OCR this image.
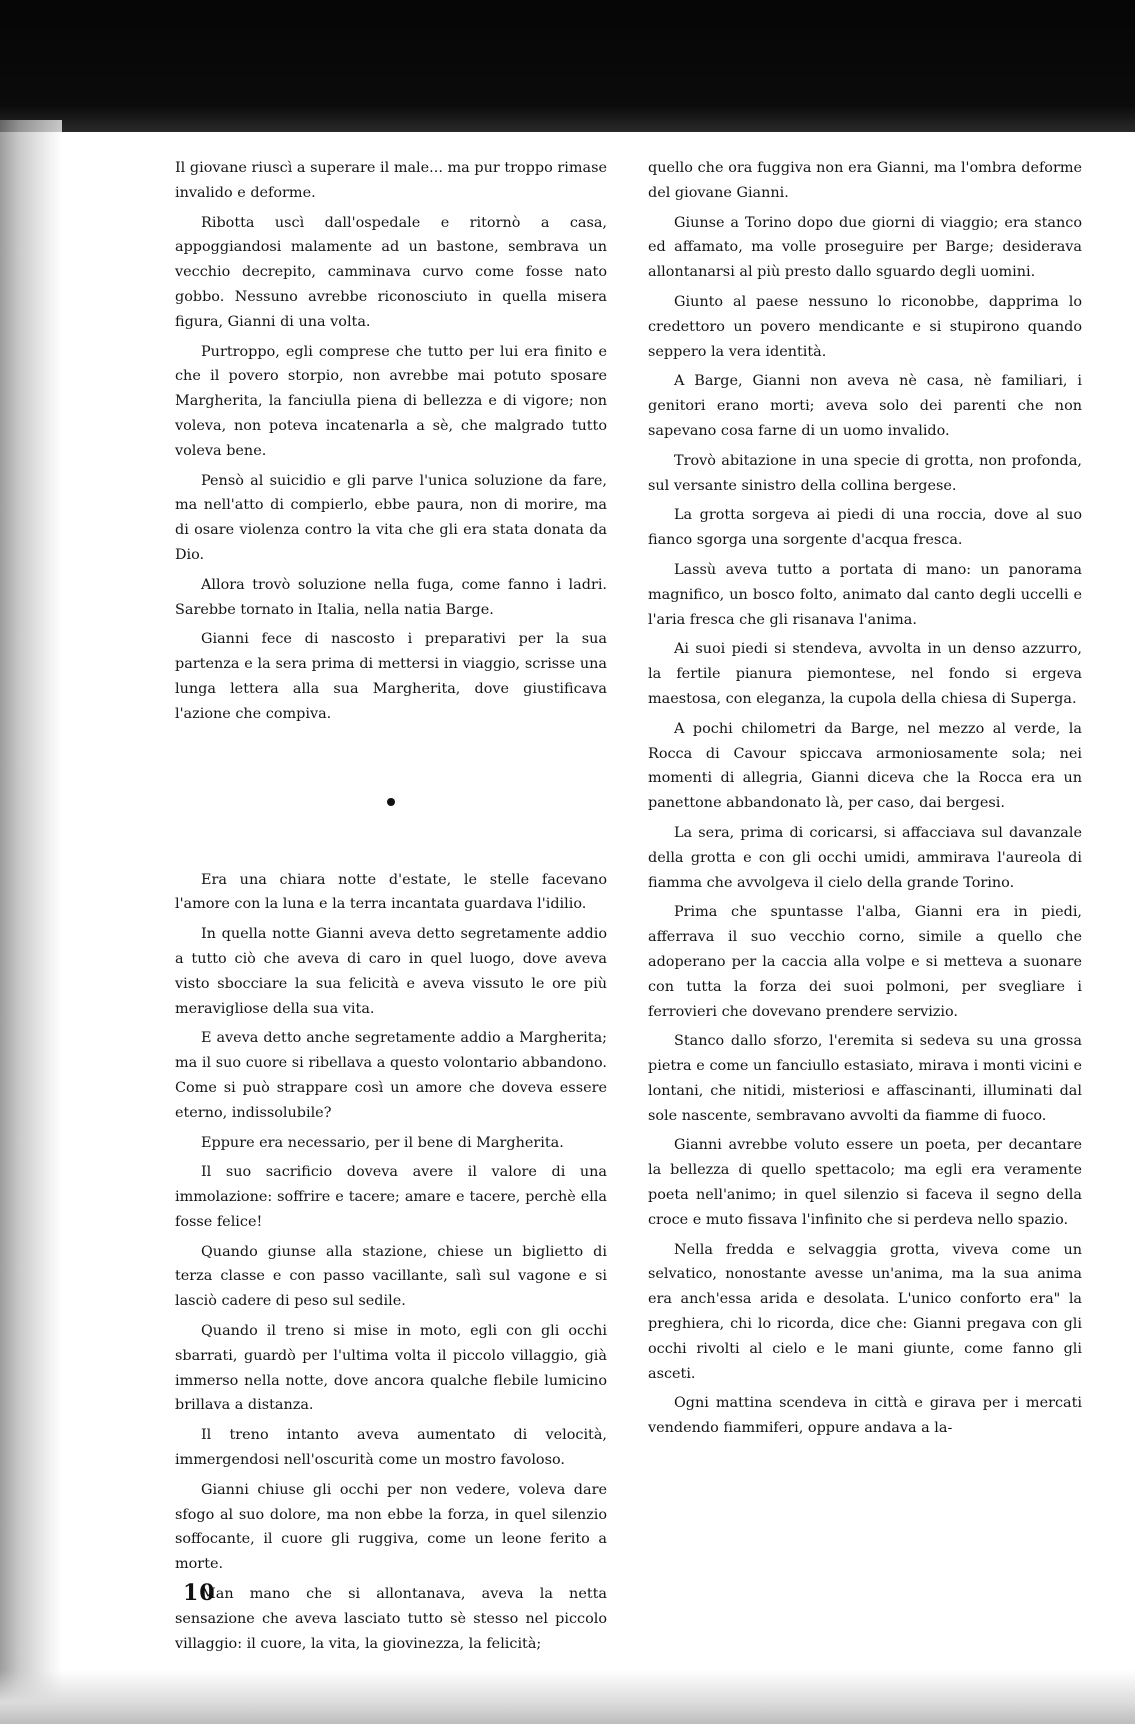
Il giovane riuscì a superare il male... ma pur troppo rimase invalido e deforme.

Ribotta uscì dall'ospedale e ritornò a casa, appoggiandosi malamente ad un bastone, sembrava un vecchio decrepito, camminava curvo come fosse nato gobbo. Nessuno avrebbe riconosciuto in quella misera figura, Gianni di una volta.

Purtroppo, egli comprese che tutto per lui era finito e che il povero storpio, non avrebbe mai potuto sposare Margherita, la fanciulla piena di bellezza e di vigore; non voleva, non poteva incatenarla a sè, che malgrado tutto voleva bene.

Pensò al suicidio e gli parve l'unica soluzione da fare, ma nell'atto di compierlo, ebbe paura, non di morire, ma di osare violenza contro la vita che gli era stata donata da Dio.

Allora trovò soluzione nella fuga, come fanno i ladri. Sarebbe tornato in Italia, nella natia Barge.

Gianni fece di nascosto i preparativi per la sua partenza e la sera prima di mettersi in viaggio, scrisse una lunga lettera alla sua Margherita, dove giustificava l'azione che compiva.

Era una chiara notte d'estate, le stelle facevano l'amore con la luna e la terra incantata guardava l'idilio.

In quella notte Gianni aveva detto segretamente addio a tutto ciò che aveva di caro in quel luogo, dove aveva visto sbocciare la sua felicità e aveva vissuto le ore più meravigliose della sua vita.

E aveva detto anche segretamente addio a Margherita; ma il suo cuore si ribellava a questo volontario abbandono. Come si può strappare così un amore che doveva essere eterno, indissolubile?

Eppure era necessario, per il bene di Margherita.

Il suo sacrificio doveva avere il valore di una immolazione: soffrire e tacere; amare e tacere, perchè ella fosse felice!

Quando giunse alla stazione, chiese un biglietto di terza classe e con passo vacillante, salì sul vagone e si lasciò cadere di peso sul sedile.

Quando il treno si mise in moto, egli con gli occhi sbarrati, guardò per l'ultima volta il piccolo villaggio, già immerso nella notte, dove ancora qualche flebile lumicino brillava a distanza.

Il treno intanto aveva aumentato di velocità, immergendosi nell'oscurità come un mostro favoloso.

Gianni chiuse gli occhi per non vedere, voleva dare sfogo al suo dolore, ma non ebbe la forza, in quel silenzio soffocante, il cuore gli ruggiva, come un leone ferito a morte.

Man mano che si allontanava, aveva la netta sensazione che aveva lasciato tutto sè stesso nel piccolo villaggio: il cuore, la vita, la giovinezza, la felicità;

quello che ora fuggiva non era Gianni, ma l'ombra deforme del giovane Gianni.

Giunse a Torino dopo due giorni di viaggio; era stanco ed affamato, ma volle proseguire per Barge; desiderava allontanarsi al più presto dallo sguardo degli uomini.

Giunto al paese nessuno lo riconobbe, dapprima lo credettoro un povero mendicante e si stupirono quando seppero la vera identità.

A Barge, Gianni non aveva nè casa, nè familiari, i genitori erano morti; aveva solo dei parenti che non sapevano cosa farne di un uomo invalido.

Trovò abitazione in una specie di grotta, non profonda, sul versante sinistro della collina bergese.

La grotta sorgeva ai piedi di una roccia, dove al suo fianco sgorga una sorgente d'acqua fresca.

Lassù aveva tutto a portata di mano: un panorama magnifico, un bosco folto, animato dal canto degli uccelli e l'aria fresca che gli risanava l'anima.

Ai suoi piedi si stendeva, avvolta in un denso azzurro, la fertile pianura piemontese, nel fondo si ergeva maestosa, con eleganza, la cupola della chiesa di Superga.

A pochi chilometri da Barge, nel mezzo al verde, la Rocca di Cavour spiccava armoniosamente sola; nei momenti di allegria, Gianni diceva che la Rocca era un panettone abbandonato là, per caso, dai bergesi.

La sera, prima di coricarsi, si affacciava sul davanzale della grotta e con gli occhi umidi, ammirava l'aureola di fiamma che avvolgeva il cielo della grande Torino.

Prima che spuntasse l'alba, Gianni era in piedi, afferrava il suo vecchio corno, simile a quello che adoperano per la caccia alla volpe e si metteva a suonare con tutta la forza dei suoi polmoni, per svegliare i ferrovieri che dovevano prendere servizio.

Stanco dallo sforzo, l'eremita si sedeva su una grossa pietra e come un fanciullo estasiato, mirava i monti vicini e lontani, che nitidi, misteriosi e affascinanti, illuminati dal sole nascente, sembravano avvolti da fiamme di fuoco.

Gianni avrebbe voluto essere un poeta, per decantare la bellezza di quello spettacolo; ma egli era veramente poeta nell'animo; in quel silenzio si faceva il segno della croce e muto fissava l'infinito che si perdeva nello spazio.

Nella fredda e selvaggia grotta, viveva come un selvatico, nonostante avesse un'anima, ma la sua anima era anch'essa arida e desolata. L'unico conforto era" la preghiera, chi lo ricorda, dice che: Gianni pregava con gli occhi rivolti al cielo e le mani giunte, come fanno gli asceti.

Ogni mattina scendeva in città e girava per i mercati vendendo fiammiferi, oppure andava a la-

10
